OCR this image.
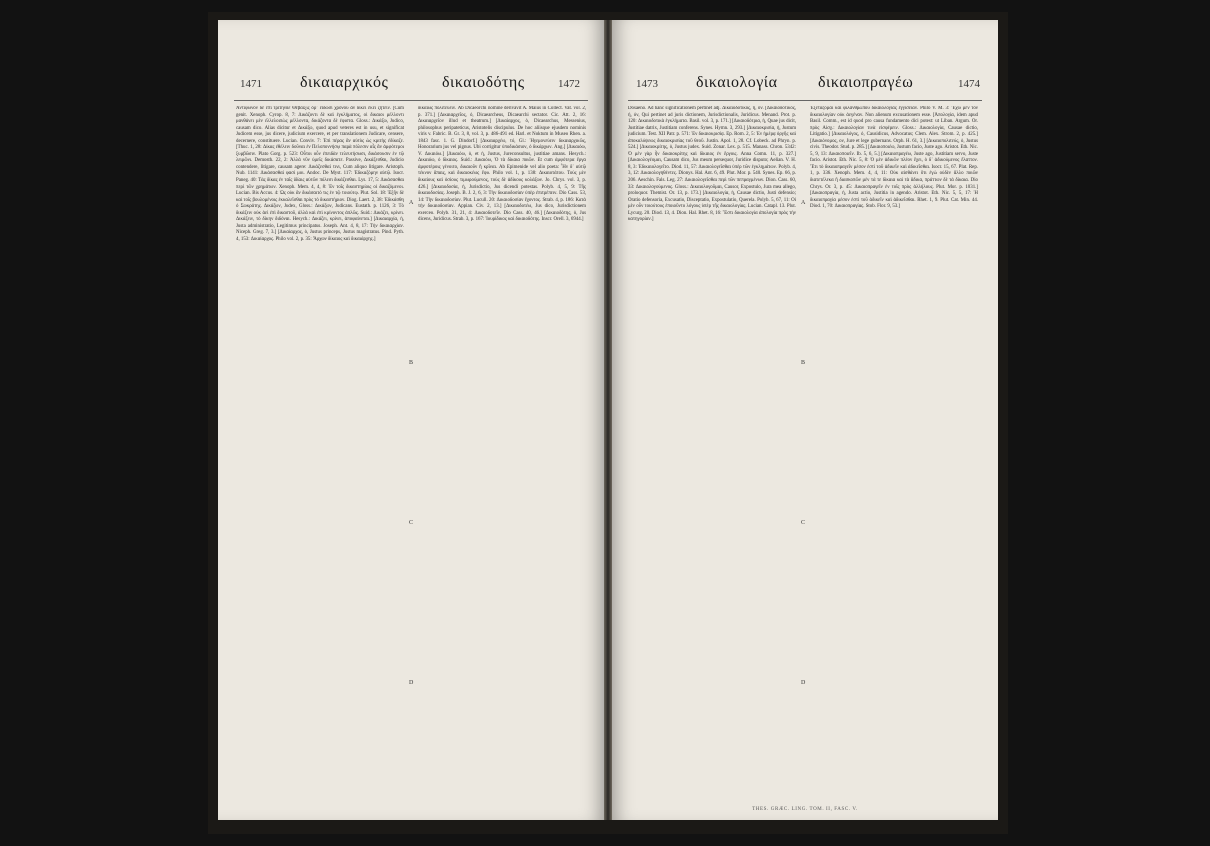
1471 δικαιαρχικός	δικαιοδότης	1472

Ἀντίφωνον δὲ ἐπὶ τρίτηνδε Θέβαιξις ὁρ᾽ εἴδωσι χρόνου ἀν δίκει ἐκεῖ ζητεῖν. [Cum genit. Xenoph. Cyrop. 8, 7: Δικάζοντι δὲ καὶ ἐγκλήματος, οἱ δικαιοι μέλλοντι μανθάνει μὲν ἐλλελοιπὼς μέλλοντα, δικάζοντα δὲ ἐφιστα. Gloss.: Δικάζω, Judico, causam dico. Alias dicitur et Δικάζω, quod apud veteres est in usu, et significat Judicem esse, jus dicere, judicium exercere, et per translationem Judicare, censere, decernere, constituere. Lucian. Conviv. 7: Ἐπὶ πέρας ἂν αὐτὸς ὡς κριτὴς ἐδίκαζε. [Thuc. 1, 28: Δίκας ἐθέλειν δοῦναι ἐν Πελοποννήσῳ παρὰ πόλεσιν αἷς ἂν ἀμφότεροι ξυμβῶσιν. Plato Gorg. p. 523: Οὗτοι οὖν ἐπειδὰν τελευτήσωσι, δικάσουσιν ἐν τῷ λειμῶνι. Demosth. 22, 2: Ἀλλὰ νῦν ὑμεῖς δικάσατε. Passive, Δικάζεσθαι, Judicio contendere, litigare, causam agere: Δικάζεσθαί τινι, Cum aliquo litigare. Aristoph. Nub. 1141: Δικάσασθαί φασί μοι. Andoc. De Myst. 117: Ἐδικαζόμην αὐτῷ. Isocr. Paneg. 40: Τὰς δίκας ἐν ταῖς ἰδίαις αὐτῶν πόλεσι δικάζεσθαι. Lys. 17, 5: Δικάσασθαι περὶ τῶν χρημάτων. Xenoph. Mem. 4, 4, 8: Ἐν τοῖς δικαστηρίοις οἱ δικαζόμενοι. Lucian. Bis Accus. 4: Ὡς οὐκ ἂν δικάσαιτό τις ἐν τῷ τοιούτῳ. Plut. Sol. 18: Ἐξῆν δὲ καὶ τοῖς βουλομένοις ἐκκαλεῖσθαι πρὸς τὸ δικαστήριον. Diog. Laert. 2, 38: Ἐδικάσθη ὁ Σωκράτης. Δικάζων, Judex, Gloss.: Δικάζων, Judicans. Eustath. p. 1126, 3: Τὸ δικάζειν οὐκ ἀεὶ ἐπὶ δικαστοῦ, ἀλλὰ καὶ ἐπὶ κρίνοντος ἁπλῶς. Suid.: Δικάζει, κρίνει. Δικάζειν, τὸ δίκην διδόναι. Hesych.: Δικάζει, κρίνει, ἀποφαίνεται.] [Δικαιαρχία, ἡ, Justa administratio, Legitimus principatus. Joseph. Ant. 4, 8, 17: Τὴν δικαιαρχίαν. Niceph. Greg. 7, 3.] [Δικαίαρχος, ὁ, Justus princeps, Justus magistratus. Pind. Pyth. 4, 153: Δικαίαρχος. Philo vol. 2, p. 35: Ἄρχων δίκαιος καὶ δικαιάρχης.]

A
B
C
D

δικαίως πολιτεύειν. Ab Dicaeorchi nomine derivavit A. Maius in Collect. Vat. vol. 2, p. 371.] [Δικαιαρχεῖος, ὁ, Dicaearcheus, Dicaearchi sectator. Cic. Att. 2, 16: Δικαιαρχεῖον illud et theatrum.] [Δικαίαρχος, ὁ, Dicaearchus, Messenius, philosophus peripateticus, Aristotelis discipulus. De hoc aliisque ejusdem nominis viris v. Fabric. B. Gr. 3, 8, vol. 3, p. 486-491 ed. Harl. et Noktum in Museo Rhen. a. 1843 fasc. 1. G. Dindorf.] [Δικαιαρχέω, τό, Gl.: Ἡγεμονεύειν δικαιαρχικῶς, Honorarium jus vel pignus. Ubi corrigitur ὑποδικάσιον, ὁ δικάρχων. Ang.] [Δικαιόω, V. Δικαιόω.] [Δικαιόω, ὁ, et ἡ, Justus, Jureconsultus, justitiae amans. Hesych.: Δικαιόω, ὁ δίκαιος. Suid.: Δικαιόω, Ὁ τὰ δίκαια ποιῶν. Et cum ἀμφότερα ἔργα ἀμφοτέροις γένοιτο, δικαιοῦν ἢ κρῖναι. Ab Epimenide vel alio poeta: Ἦν δ᾽ αὐτῷ τέκνον ἄπαις, καὶ δικαιοκέως ἔφυ. Philo vol. 1, p. 138: Δικαιοτάτου. Τοὺς μὲν δικαίους καὶ ὁσίους τιμωρούμενος, τοὺς δὲ ἀδίκους κολάζων. Jo. Chrys. vol. 3, p. 426.] [Δικαιοδοσία, ἡ, Jurisdictio, Jus dicendi potestas. Polyb. 4, 5, 9: Τῆς δικαιοδοσίας. Joseph. B. J. 2, 6, 3: Τὴν δικαιοδοσίαν ὑπὲρ ἐπιτρέπειν. Dio Cass. 53, 14: Τὴν δικαιοδοσίαν. Plut. Lucull. 20: Δικαιοδοσίαν ἔχοντος. Strab. 4, p. 186: Κατὰ τὴν δικαιοδοσίαν. Appian. Civ. 2, 13.] [Δικαιοδοτέω, Jus dico, Jurisdictionem exerceo. Polyb. 31, 21, 4: Δικαιοδοτεῖν. Dio Cass. 40, 46.] [Δικαιοδότης, ὁ, Jus dicens, Juridicus. Strab. 3, p. 167: Ἰουρίδικος καὶ δικαιοδότης. Inscr. Orell. 3, 6944.]

1473 δικαιολογία	δικαιοπραγέω	1474

Dosaeno. Ad hanc significationem pertinet adj. Δικαιοδοτικός, ή, όν. [Δικαιοδοτικός, ή, όν, Qui pertinet ad juris dictionem, Jurisdictionalis, Juridicus. Menand. Prot. p. 120: Δικαιοδοτικὰ ἐγκλήματα. Basil. vol. 3, p. 171.] [Δικαιοδότρια, ἡ, Quae jus dicit, Justitiae datrix, Justitiam conferens. Synes. Hymn. 3, 293.] [Δικαιοκρισία, ἡ, Justum judicium. Test. XII Patr. p. 571: Ἐν δικαιοκρισίᾳ. Ep. Rom. 2, 5: Ἐν ἡμέρᾳ ὀργῆς καὶ ἀποκαλύψεως δικαιοκρισίας τοῦ θεοῦ. Justin. Apol. 1, 28. Cf. Lobeck. ad Phryn. p. 524.] [Δικαιοκρίτης, ὁ, Justus judex. Suid. Zonar. Lex. p. 515. Manass. Chron. 5342: Ὁ μὲν γὰρ ἦν δικαιοκρίτης καὶ δίκαιος ἐν ἔργοις. Anna Comn. 11, p. 327.] [Δικαιολογέομαι, Causam dico, Jus meum persequor, Juridice disputo; Aelian. V. H. 8, 3: Ἐδικαιολογεῖτο. Diod. 11, 57: Δικαιολογεῖσθαι ὑπὲρ τῶν ἐγκλημάτων. Polyb. 4, 3, 12: Δικαιολογηθέντες. Dionys. Hal. Ant. 6, 49. Plut. Mor. p. 540. Synes. Ep. 66, p. 206. Aeschin. Fals. Leg. 27: Δικαιολογεῖσθαι περὶ τῶν πεπραγμένων. Dion. Cass. 60, 33: Δικαιολογούμενος. Gloss.: Δικαιολογοῦμαι, Causor, Expostulo, Jura mea allego, proloquor. Themist. Or. 13, p. 173.] [Δικαιολογία, ἡ, Causae dictio, Justi defensio; Oratio defensoria, Excusatio, Disceptatio, Expostulatio, Querela. Polyb. 5, 67, 11: Οἱ μὲν οὖν τοιούτους ἐποιοῦντο λόγους ὑπὲρ τῆς δικαιολογίας. Lucian. Catapl. 13. Plut. Lycurg. 20. Diod. 13, 4. Dion. Hal. Rhet. 8, 16: Ἔστι δικαιολογία ἀπολογία πρὸς τὴν κατηγορίαν.]

A
B
C
D

Ἐξετάζομαι καὶ φιλανθρώπου δικαιολογίας ἐγγίσειαν. Philo V. M. 3: Ἔχω μὲν τὸν δικαιολογίαν οὐκ ἀεγέναν. Non alienum excusationem esse. [Ἀπολογία, idem apud Basil. Comm., est id quod pro causa fundamento dici potest: ut Liban. Argum. Or. πρὸς Αἰσχ.: Δικαιολογίαν τινὰ εἰσφέρειν. Gloss.: Δικαιολογία, Causae dictio, Litigatio.] [Δικαιολόγος, ὁ, Causidicus, Advocatus; Clem. Alex. Strom. 2, p. 425.] [Δικαιόνομος, ον, Jure et lege gubernans. Orph. H. 61, 3.] [Δικαιοπολιτεύς, ὁ, Justus civis. Theodor. Stud. p. 285.] [Δικαιοποιέω, Justum facio, Juste ago. Aristot. Eth. Nic. 5, 9, 13: Δικαιοποιεῖν. Ib. 5, 6, 5.] [Δικαιοπραγέω, Juste ago, Justitiam servo, Juste facio. Aristot. Eth. Nic. 5, 8: Ὁ μὲν ἀδικῶν πλέον ἔχει, ὁ δ᾽ ἀδικούμενος ἔλαττον. Ἔτι τὸ δικαιοπραγεῖν μέσον ἐστὶ τοῦ ἀδικεῖν καὶ ἀδικεῖσθαι. Isocr. 15, 67. Plat. Rep. 1, p. 336. Xenoph. Mem. 4, 4, 11: Οὐκ αἰσθάνει ὅτι ἐγὼ οὐδὲν ἄλλο ποιῶν διατετέλεκα ἢ διασκοπῶν μὲν τά τε δίκαια καὶ τὰ ἄδικα, πράττων δὲ τὰ δίκαια. Dio Chrys. Or. 3, p. 45: Δικαιοπραγεῖν ἐν τοῖς πρὸς ἀλλήλους. Plut. Mor. p. 1031.] [Δικαιοπραγία, ἡ, Justa actio, Justitia in agendo. Aristot. Eth. Nic. 5, 5, 17: Ἡ δικαιοπραγία μέσον ἐστὶ τοῦ ἀδικεῖν καὶ ἀδικεῖσθαι. Rhet. 1, 9. Plut. Cat. Min. 44. Diod. 1, 70: Δικαιοπραγίας. Stob. Flor. 9, 53.]

THES. GRÆC. LING. TOM. II, FASC. V.
